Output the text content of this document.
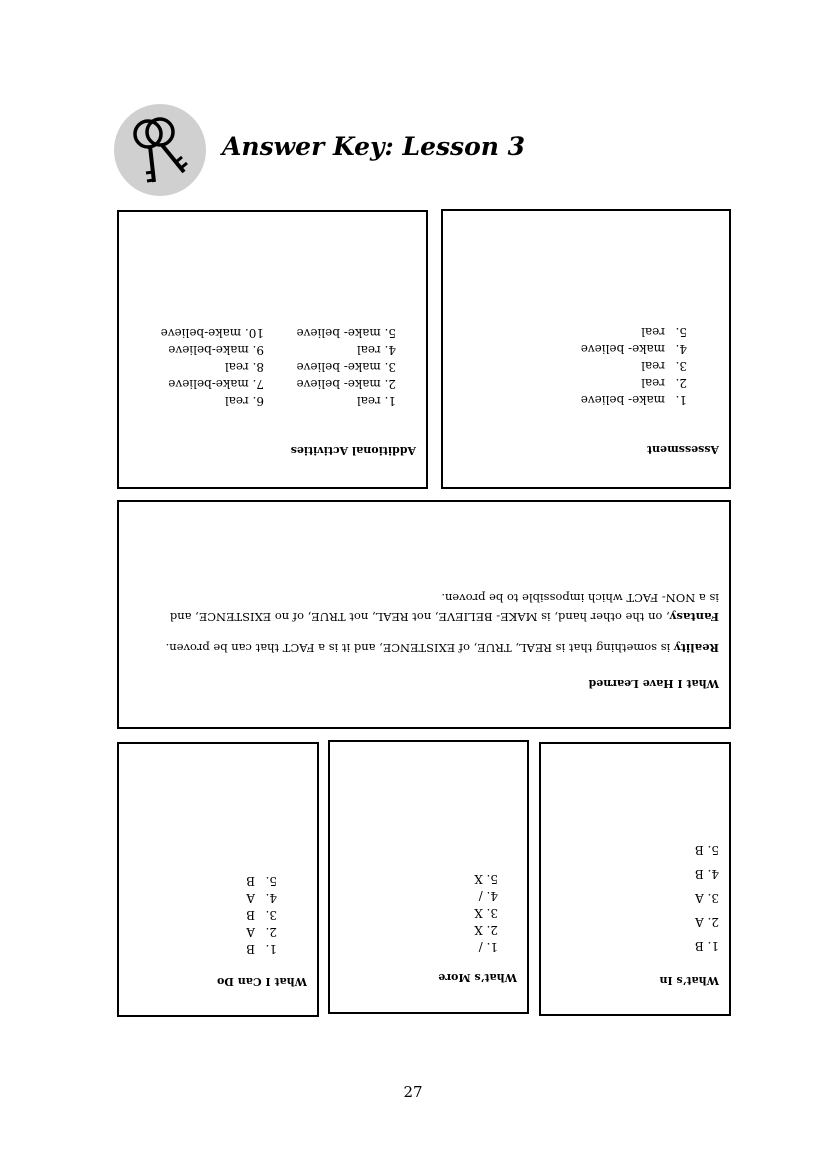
Answer Key: Lesson 3
Additional Activities
1. real
2. make- believe
3. make- believe
4. real
5. make- believe
6. real
7. make-believe
8. real
9. make-believe
10. make-believe
Assessment
1.make- believe
2.real
3.real
4.make- believe
5.real
What I Have Learned
Reality is something that is REAL, TRUE, of EXISTENCE, and it is a FACT that can be proven.
Fantasy, on the other hand, is MAKE- BELIEVE, not REAL, not TRUE, of no EXISTENCE, and
is a NON- FACT which impossible to be proven.
What I Can Do
1.B
2.A
3.B
4.A
5.B
What’s More
1. /
2. X
3. X
4. /
5. X
What’s In
1. B
2. A
3. A
4. B
5. B
27
